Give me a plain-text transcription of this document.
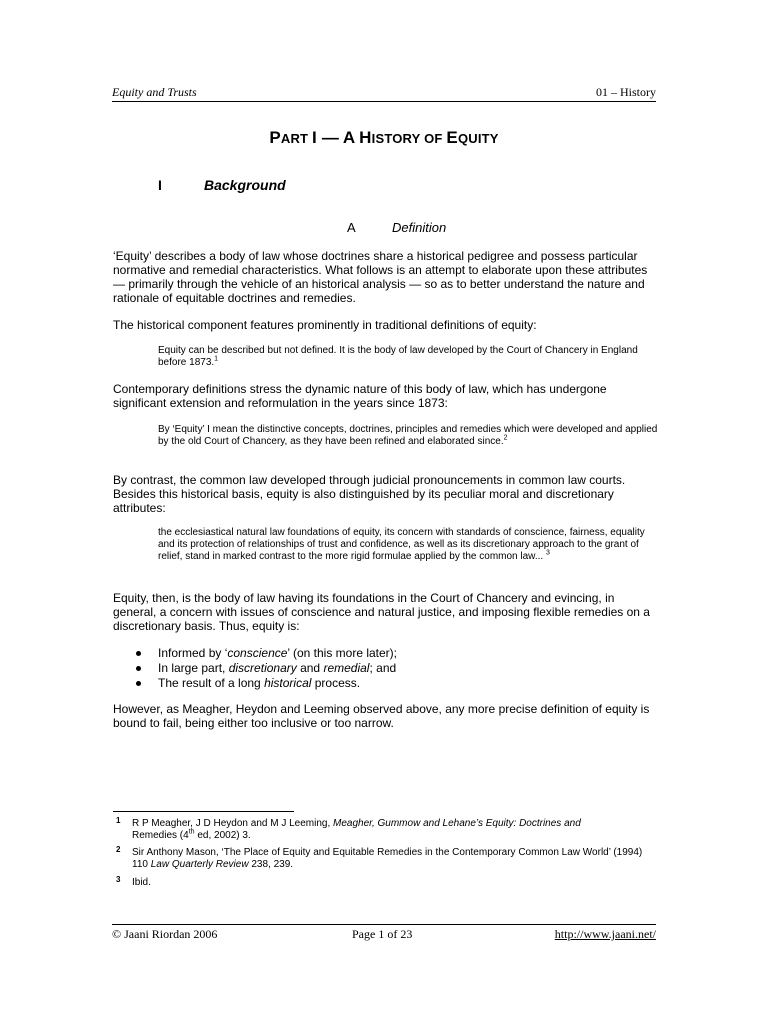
Equity and Trusts	01 – History
PART I — A HISTORY OF EQUITY
I	Background
A	Definition

‘Equity’ describes a body of law whose doctrines share a historical pedigree and possess particular normative and remedial characteristics. What follows is an attempt to elaborate upon these attributes — primarily through the vehicle of an historical analysis — so as to better understand the nature and rationale of equitable doctrines and remedies.

The historical component features prominently in traditional definitions of equity:

Equity can be described but not defined. It is the body of law developed by the Court of Chancery in England before 1873.$^1$

Contemporary definitions stress the dynamic nature of this body of law, which has undergone significant extension and reformulation in the years since 1873:

By ‘Equity’ I mean the distinctive concepts, doctrines, principles and remedies which were developed and applied by the old Court of Chancery, as they have been refined and elaborated since.$^2$

By contrast, the common law developed through judicial pronouncements in common law courts. Besides this historical basis, equity is also distinguished by its peculiar moral and discretionary attributes:

the ecclesiastical natural law foundations of equity, its concern with standards of conscience, fairness, equality and its protection of relationships of trust and confidence, as well as its discretionary approach to the grant of relief, stand in marked contrast to the more rigid formulae applied by the common law... $^3$

Equity, then, is the body of law having its foundations in the Court of Chancery and evincing, in general, a concern with issues of conscience and natural justice, and imposing flexible remedies on a discretionary basis. Thus, equity is:

Informed by ‘conscience’ (on this more later);
In large part, discretionary and remedial; and
The result of a long historical process.

However, as Meagher, Heydon and Leeming observed above, any more precise definition of equity is bound to fail, being either too inclusive or too narrow.

1 R P Meagher, J D Heydon and M J Leeming, Meagher, Gummow and Lehane’s Equity: Doctrines and
Remedies (4th ed, 2002) 3.
2 Sir Anthony Mason, ‘The Place of Equity and Equitable Remedies in the Contemporary Common Law World’ (1994) 110 Law Quarterly Review 238, 239.
3 Ibid.
© Jaani Riordan 2006	Page 1 of 23	http://www.jaani.net/
